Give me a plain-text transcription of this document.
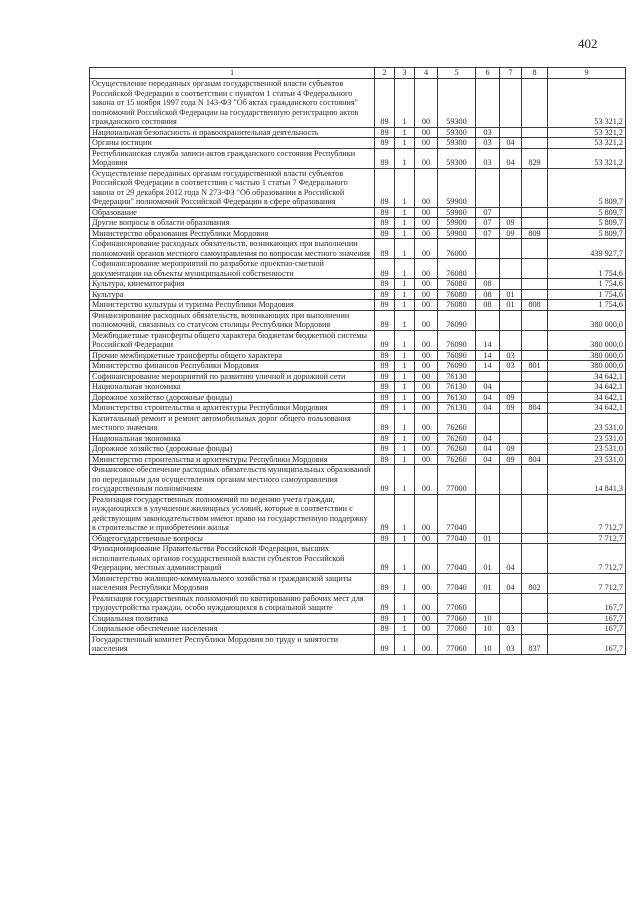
402
1	2	3	4	5	6	7	8	9
Осуществление переданных органам государственной власти субъектов Российской Федерации в соответствии с пунктом 1 статьи 4 Федерального закона от 15 ноября 1997 года N 143-ФЗ "Об актах гражданского состояния" полномочий Российской Федерации на государственную регистрацию актов гражданского состояния	89	1	00	59300				53 321,2
Национальная безопасность и правоохранительная деятельность	89	1	00	59300	03			53 321,2
Органы юстиции	89	1	00	59300	03	04		53 321,2
Республиканская служба записи актов гражданского состояния Республики Мордовия	89	1	00	59300	03	04	829	53 321,2
Осуществление переданных органам государственной власти субъектов Российской Федерации в соответствии с частью 1 статьи 7 Федерального закона от 29 декабря 2012 года N 273-ФЗ "Об образовании в Российской Федерации" полномочий Российской Федерации в сфере образования	89	1	00	59900				5 809,7
Образование	89	1	00	59900	07			5 809,7
Другие вопросы в области образования	89	1	00	59900	07	09		5 809,7
Министерство образования Республики Мордовия	89	1	00	59900	07	09	809	5 809,7
Софинансирование расходных обязательств, возникающих при выполнении полномочий органов местного самоуправления по вопросам местного значения	89	1	00	76000				439 927,7
Софинансирование мероприятий по разработке проектно-сметной документации на объекты муниципальной собственности	89	1	00	76080				1 754,6
Культура, кинематография	89	1	00	76080	08			1 754,6
Культура	89	1	00	76080	08	01		1 754,6
Министерство культуры и туризма Республики Мордовия	89	1	00	76080	08	01	808	1 754,6
Финансирование расходных обязательств, возникающих при выполнении полномочий, связанных со статусом столицы Республики Мордовия	89	1	00	76090				380 000,0
Межбюджетные трансферты общего характера бюджетам бюджетной системы Российской Федерации	89	1	00	76090	14			380 000,0
Прочие межбюджетные трансферты общего характера	89	1	00	76090	14	03		380 000,0
Министерство финансов Республики Мордовия	89	1	00	76090	14	03	801	380 000,0
Софинансирование мероприятий по развитию уличной и дорожной сети	89	1	00	76130				34 642,1
Национальная экономика	89	1	00	76130	04			34 642,1
Дорожное хозяйство (дорожные фонды)	89	1	00	76130	04	09		34 642,1
Министерство строительства и архитектуры Республики Мордовия	89	1	00	76130	04	09	804	34 642,1
Капитальный ремонт и ремонт автомобильных дорог общего пользования местного значения	89	1	00	76260				23 531,0
Национальная экономика	89	1	00	76260	04			23 531,0
Дорожное хозяйство (дорожные фонды)	89	1	00	76260	04	09		23 531,0
Министерство строительства и архитектуры Республики Мордовия	89	1	00	76260	04	09	804	23 531,0
Финансовое обеспечение расходных обязательств муниципальных образований по переданным для осуществления органам местного самоуправления государственным полномочиям	89	1	00	77000				14 841,3
Реализация государственных полномочий по ведению учета граждан, нуждающихся в улучшении жилищных условий, которые в соответствии с действующим законодательством имеют право на государственную поддержку в строительстве и приобретении жилья	89	1	00	77040				7 712,7
Общегосударственные вопросы	89	1	00	77040	01			7 712,7
Функционирование Правительства Российской Федерации, высших исполнительных органов государственной власти субъектов Российской Федерации, местных администраций	89	1	00	77040	01	04		7 712,7
Министерство жилищно-коммунального хозяйства и гражданской защиты населения Республики Мордовия	89	1	00	77040	01	04	802	7 712,7
Реализация государственных полномочий по квотированию рабочих мест для трудоустройства граждан, особо нуждающихся в социальной защите	89	1	00	77060				167,7
Социальная политика	89	1	00	77060	10			167,7
Социальное обеспечение населения	89	1	00	77060	10	03		167,7
Государственный комитет Республики Мордовия по труду и занятости населения	89	1	00	77060	10	03	837	167,7
